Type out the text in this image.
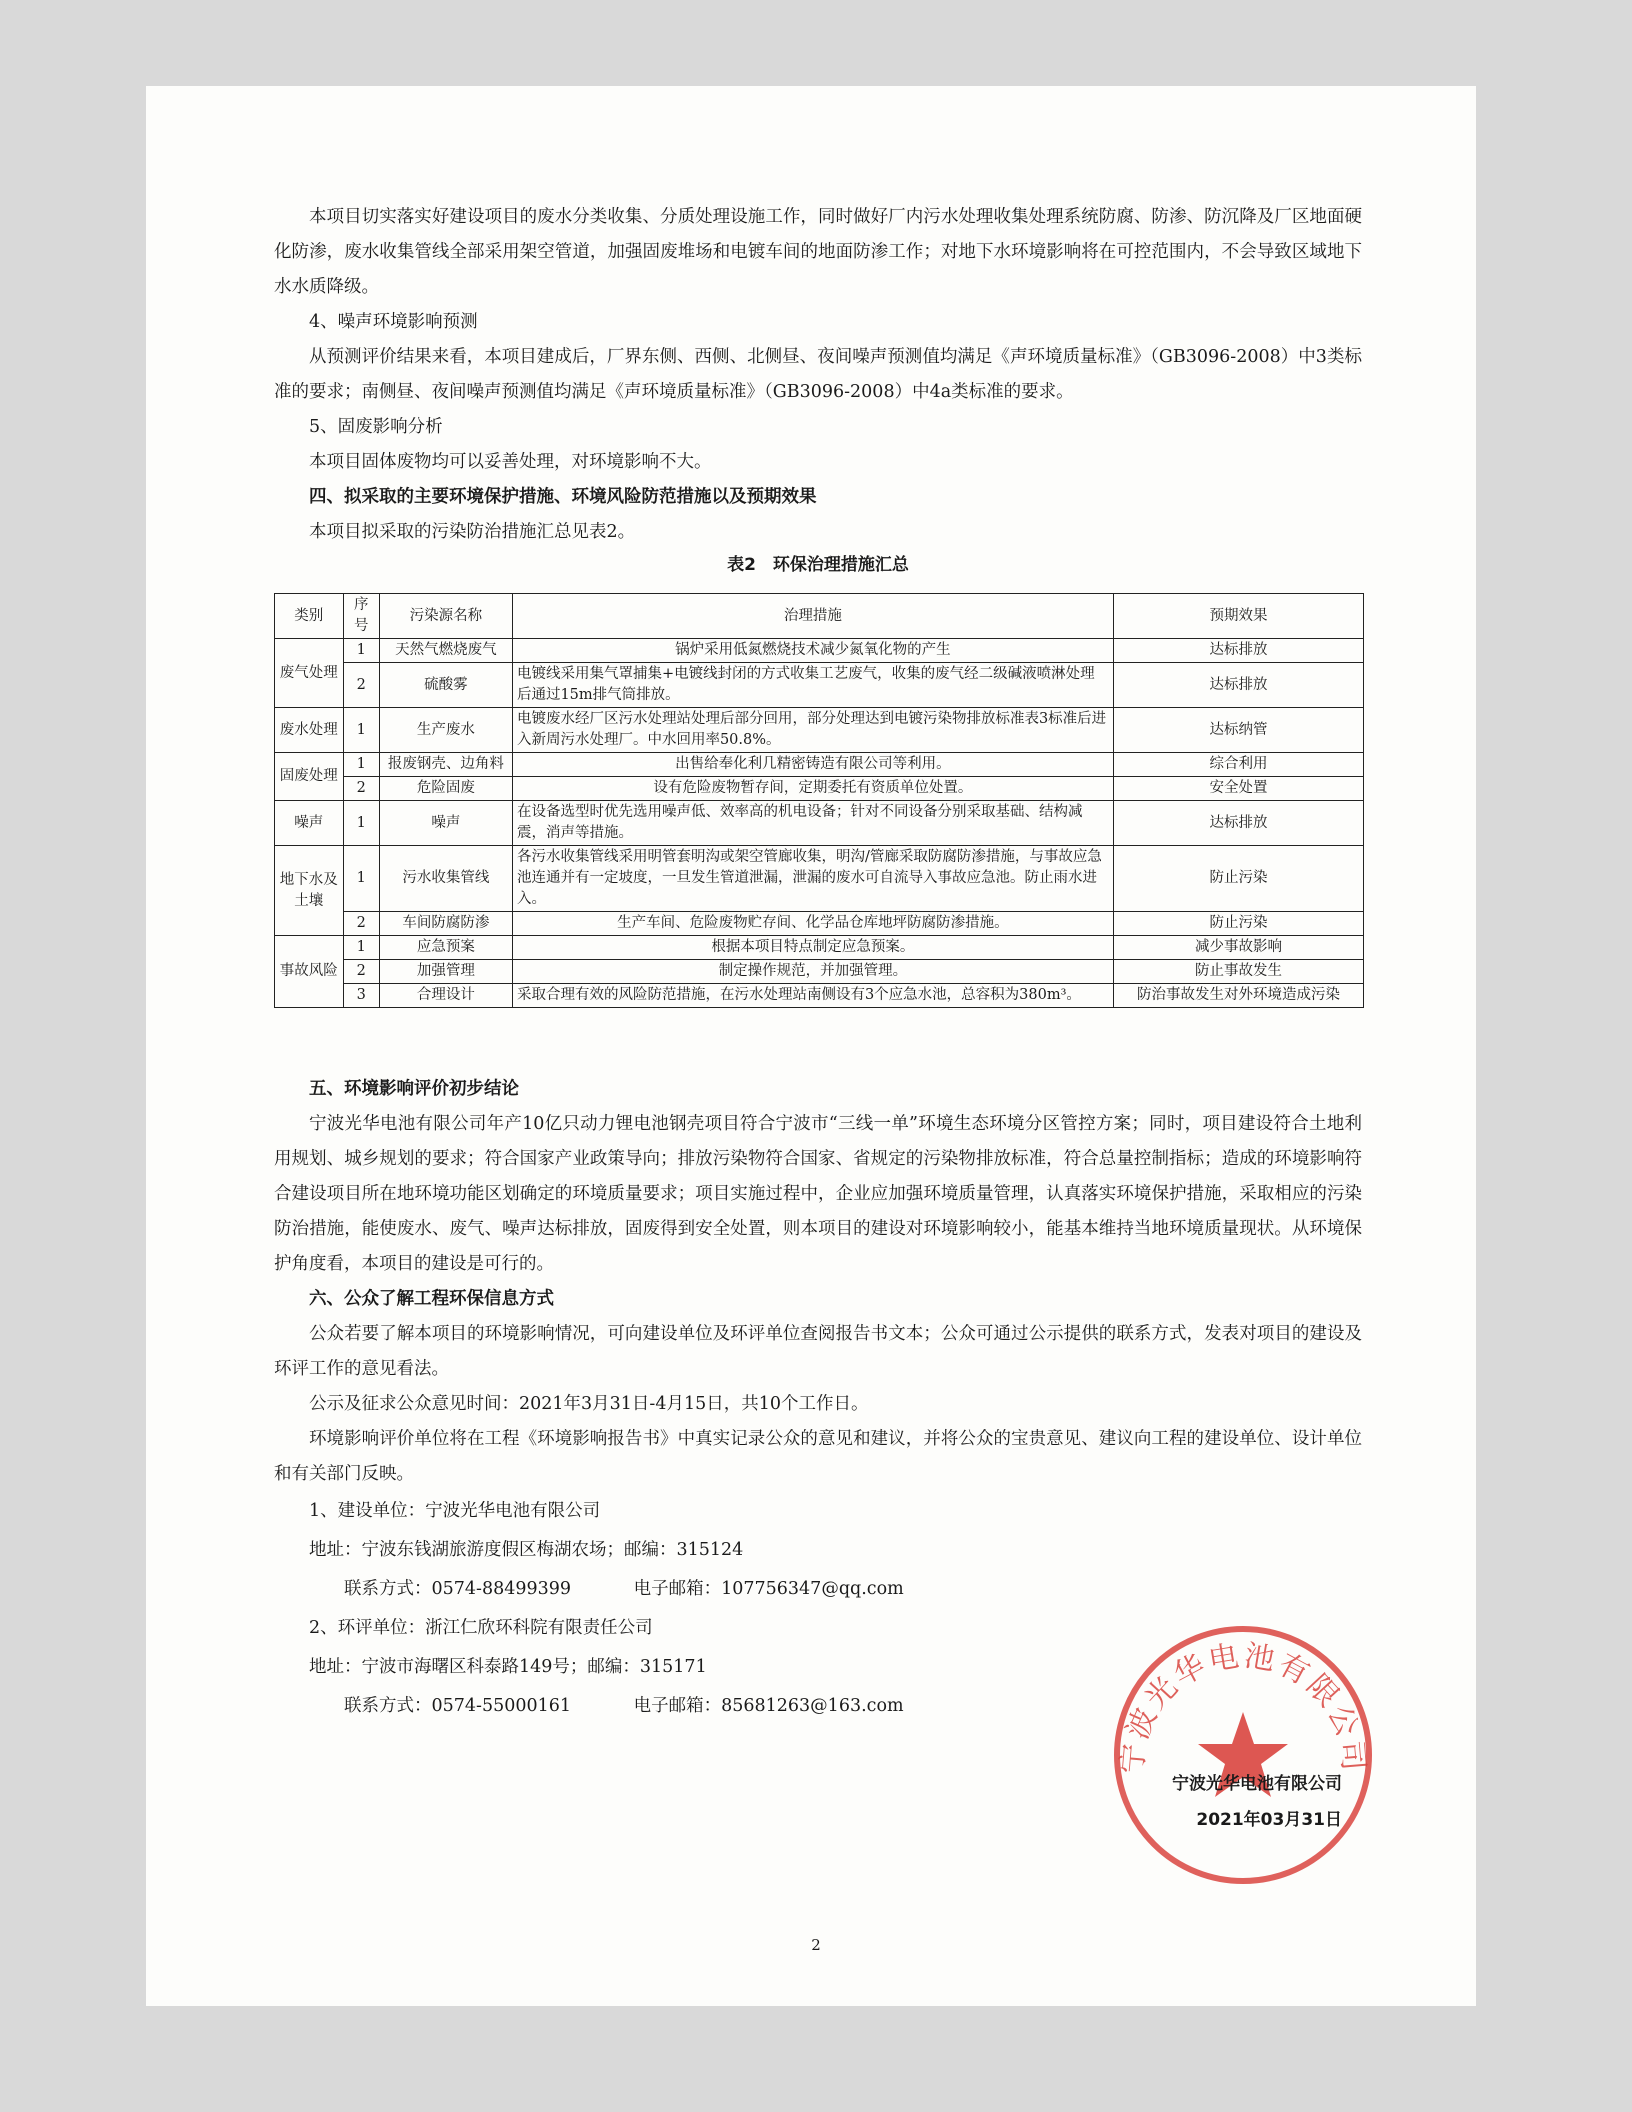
本项目切实落实好建设项目的废水分类收集、分质处理设施工作，同时做好厂内污水处理收集处理系统防腐、防渗、防沉降及厂区地面硬化防渗，废水收集管线全部采用架空管道，加强固废堆场和电镀车间的地面防渗工作；对地下水环境影响将在可控范围内，不会导致区域地下水水质降级。

4、噪声环境影响预测

从预测评价结果来看，本项目建成后，厂界东侧、西侧、北侧昼、夜间噪声预测值均满足《声环境质量标准》（GB3096-2008）中3类标准的要求；南侧昼、夜间噪声预测值均满足《声环境质量标准》（GB3096-2008）中4a类标准的要求。

5、固废影响分析

本项目固体废物均可以妥善处理，对环境影响不大。

四、拟采取的主要环境保护措施、环境风险防范措施以及预期效果

本项目拟采取的污染防治措施汇总见表2。

表2　环保治理措施汇总

类别	序号	污染源名称	治理措施	预期效果
废气处理	1	天然气燃烧废气	锅炉采用低氮燃烧技术减少氮氧化物的产生	达标排放
	2	硫酸雾	电镀线采用集气罩捕集+电镀线封闭的方式收集工艺废气，收集的废气经二级碱液喷淋处理后通过15m排气筒排放。	达标排放
废水处理	1	生产废水	电镀废水经厂区污水处理站处理后部分回用，部分处理达到电镀污染物排放标准表3标准后进入新周污水处理厂。中水回用率50.8%。	达标纳管
固废处理	1	报废钢壳、边角料	出售给奉化利几精密铸造有限公司等利用。	综合利用
	2	危险固废	设有危险废物暂存间，定期委托有资质单位处置。	安全处置
噪声	1	噪声	在设备选型时优先选用噪声低、效率高的机电设备；针对不同设备分别采取基础、结构减震，消声等措施。	达标排放
地下水及土壤	1	污水收集管线	各污水收集管线采用明管套明沟或架空管廊收集，明沟/管廊采取防腐防渗措施，与事故应急池连通并有一定坡度，一旦发生管道泄漏，泄漏的废水可自流导入事故应急池。防止雨水进入。	防止污染
	2	车间防腐防渗	生产车间、危险废物贮存间、化学品仓库地坪防腐防渗措施。	防止污染
事故风险	1	应急预案	根据本项目特点制定应急预案。	减少事故影响
	2	加强管理	制定操作规范，并加强管理。	防止事故发生
	3	合理设计	采取合理有效的风险防范措施，在污水处理站南侧设有3个应急水池，总容积为380m³。	防治事故发生对外环境造成污染

五、环境影响评价初步结论

宁波光华电池有限公司年产10亿只动力锂电池钢壳项目符合宁波市“三线一单”环境生态环境分区管控方案；同时，项目建设符合土地利用规划、城乡规划的要求；符合国家产业政策导向；排放污染物符合国家、省规定的污染物排放标准，符合总量控制指标；造成的环境影响符合建设项目所在地环境功能区划确定的环境质量要求；项目实施过程中，企业应加强环境质量管理，认真落实环境保护措施，采取相应的污染防治措施，能使废水、废气、噪声达标排放，固废得到安全处置，则本项目的建设对环境影响较小，能基本维持当地环境质量现状。从环境保护角度看，本项目的建设是可行的。

六、公众了解工程环保信息方式

公众若要了解本项目的环境影响情况，可向建设单位及环评单位查阅报告书文本；公众可通过公示提供的联系方式，发表对项目的建设及环评工作的意见看法。

公示及征求公众意见时间：2021年3月31日-4月15日，共10个工作日。

环境影响评价单位将在工程《环境影响报告书》中真实记录公众的意见和建议，并将公众的宝贵意见、建议向工程的建设单位、设计单位和有关部门反映。

1、建设单位：宁波光华电池有限公司

地址：宁波东钱湖旅游度假区梅湖农场；邮编：315124

联系方式：0574-88499399	电子邮箱：107756347@qq.com

2、环评单位：浙江仁欣环科院有限责任公司

地址：宁波市海曙区科泰路149号；邮编：315171

联系方式：0574-55000161	电子邮箱：85681263@163.com

宁波光华电池有限公司
宁波光华电池有限公司
2021年03月31日
2
